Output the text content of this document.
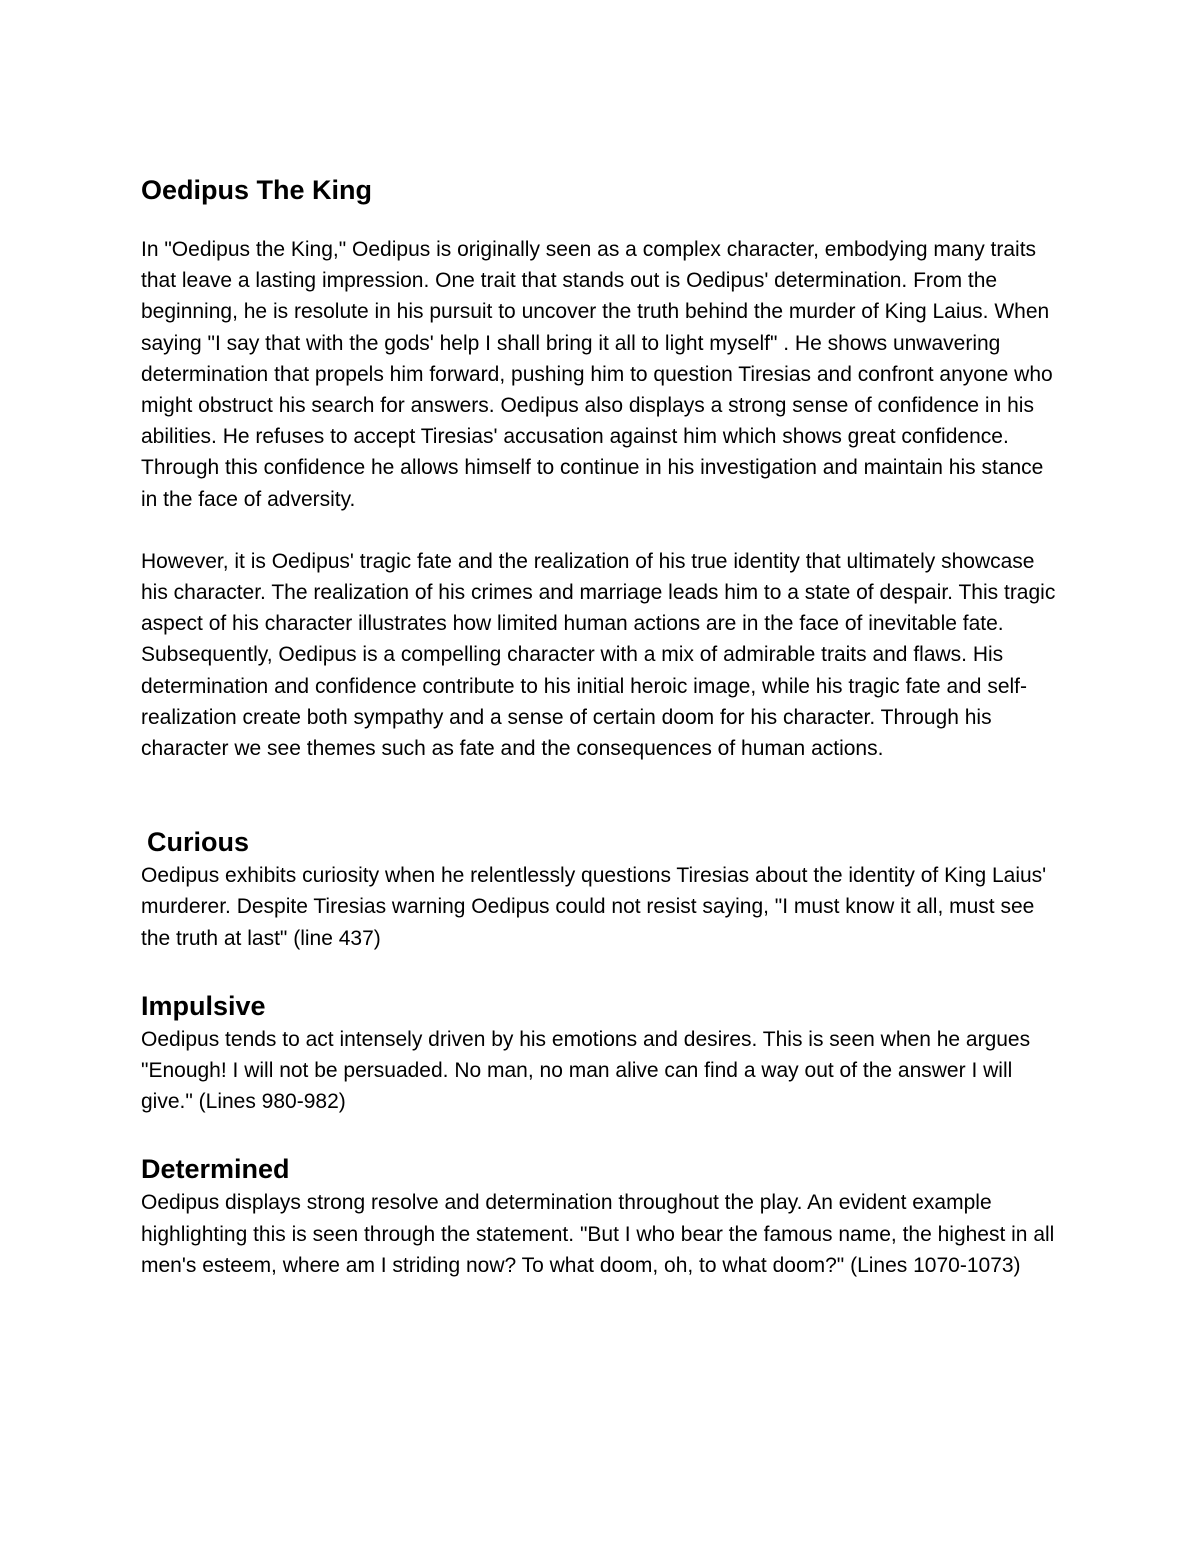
Oedipus The King

In "Oedipus the King," Oedipus is originally seen as a complex character, embodying many traits that leave a lasting impression. One trait that stands out is Oedipus' determination. From the beginning, he is resolute in his pursuit to uncover the truth behind the murder of King Laius. When saying "I say that with the gods' help I shall bring it all to light myself" . He shows unwavering determination that propels him forward, pushing him to question Tiresias and confront anyone who might obstruct his search for answers. Oedipus also displays a strong sense of confidence in his abilities. He refuses to accept Tiresias' accusation against him which shows great confidence. Through this confidence he allows himself to continue in his investigation and maintain his stance in the face of adversity.

However, it is Oedipus' tragic fate and the realization of his true identity that ultimately showcase his character. The realization of his crimes and marriage leads him to a state of despair. This tragic aspect of his character illustrates how limited human actions are in the face of inevitable fate. Subsequently, Oedipus is a compelling character with a mix of admirable traits and flaws. His determination and confidence contribute to his initial heroic image, while his tragic fate and self-realization create both sympathy and a sense of certain doom for his character. Through his character we see themes such as fate and the consequences of human actions.

Curious

Oedipus exhibits curiosity when he relentlessly questions Tiresias about the identity of King Laius' murderer. Despite Tiresias warning Oedipus could not resist saying, "I must know it all, must see the truth at last" (line 437)

Impulsive

Oedipus tends to act intensely driven by his emotions and desires. This is seen when he argues "Enough! I will not be persuaded. No man, no man alive can find a way out of the answer I will give." (Lines 980-982)

Determined

Oedipus displays strong resolve and determination throughout the play. An evident example highlighting this is seen through the statement. "But I who bear the famous name, the highest in all men's esteem, where am I striding now? To what doom, oh, to what doom?" (Lines 1070-1073)
